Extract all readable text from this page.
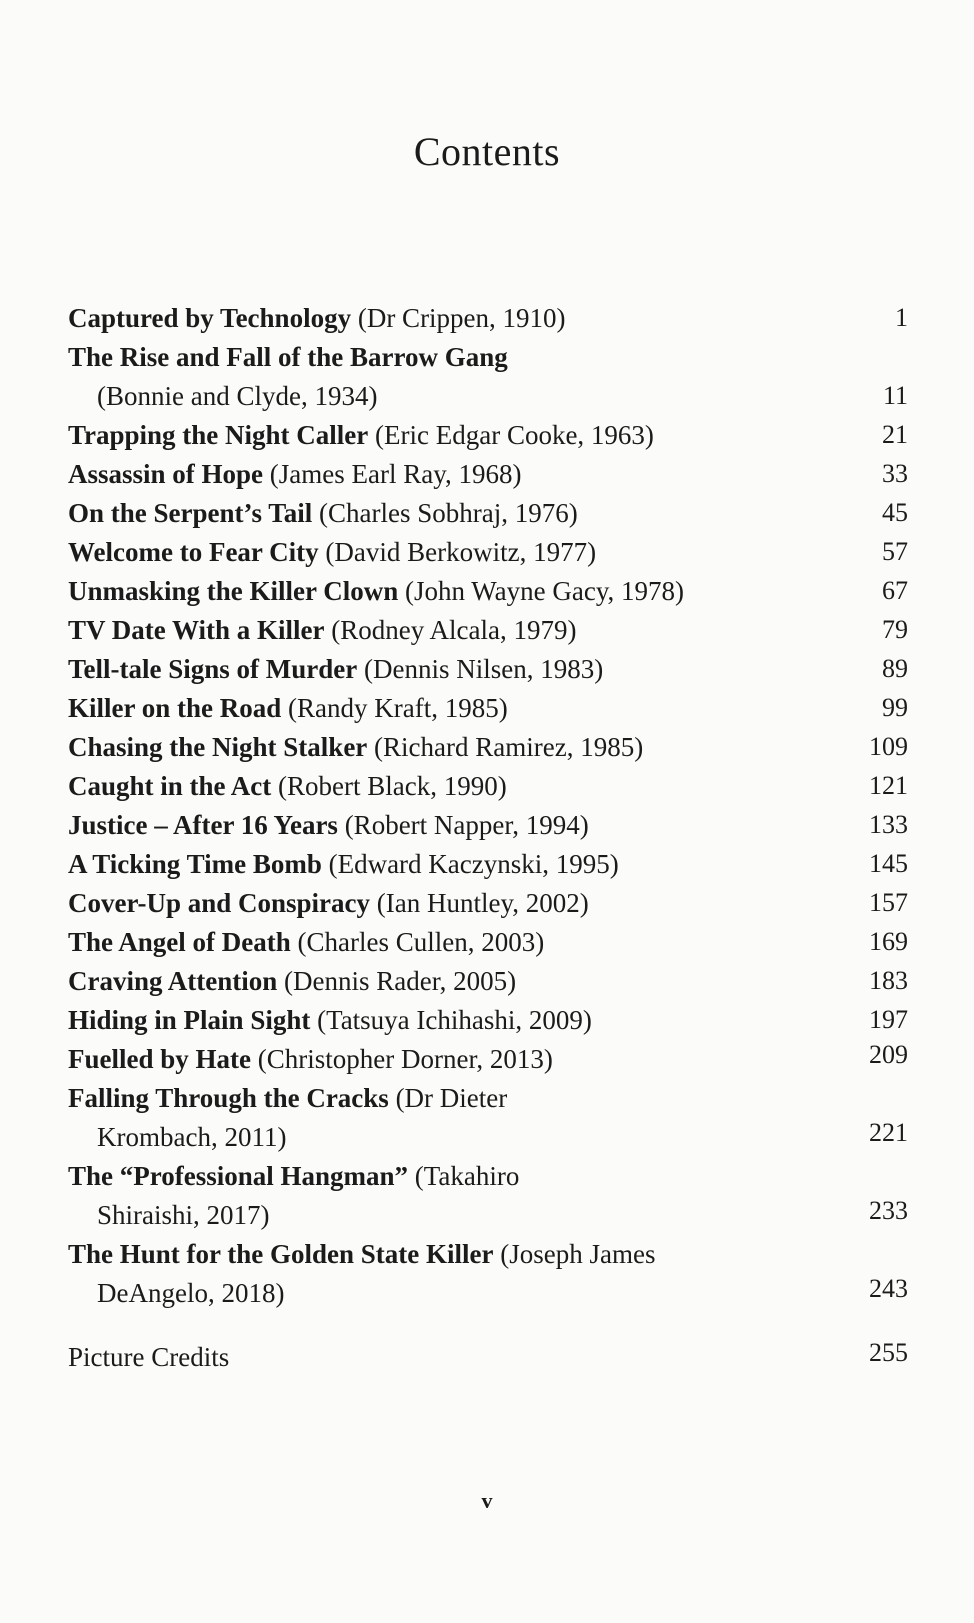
Contents
Captured by Technology (Dr Crippen, 1910)	1
The Rise and Fall of the Barrow Gang
(Bonnie and Clyde, 1934)	11
Trapping the Night Caller (Eric Edgar Cooke, 1963)	21
Assassin of Hope (James Earl Ray, 1968)	33
On the Serpent’s Tail (Charles Sobhraj, 1976)	45
Welcome to Fear City (David Berkowitz, 1977)	57
Unmasking the Killer Clown (John Wayne Gacy, 1978)	67
TV Date With a Killer (Rodney Alcala, 1979)	79
Tell-tale Signs of Murder (Dennis Nilsen, 1983)	89
Killer on the Road (Randy Kraft, 1985)	99
Chasing the Night Stalker (Richard Ramirez, 1985)	109
Caught in the Act (Robert Black, 1990)	121
Justice – After 16 Years (Robert Napper, 1994)	133
A Ticking Time Bomb (Edward Kaczynski, 1995)	145
Cover-Up and Conspiracy (Ian Huntley, 2002)	157
The Angel of Death (Charles Cullen, 2003)	169
Craving Attention (Dennis Rader, 2005)	183
Hiding in Plain Sight (Tatsuya Ichihashi, 2009)	197
Fuelled by Hate (Christopher Dorner, 2013)	209
Falling Through the Cracks (Dr Dieter
Krombach, 2011)	221
The “Professional Hangman” (Takahiro
Shiraishi, 2017)	233
The Hunt for the Golden State Killer (Joseph James
DeAngelo, 2018)	243
Picture Credits	255
v
